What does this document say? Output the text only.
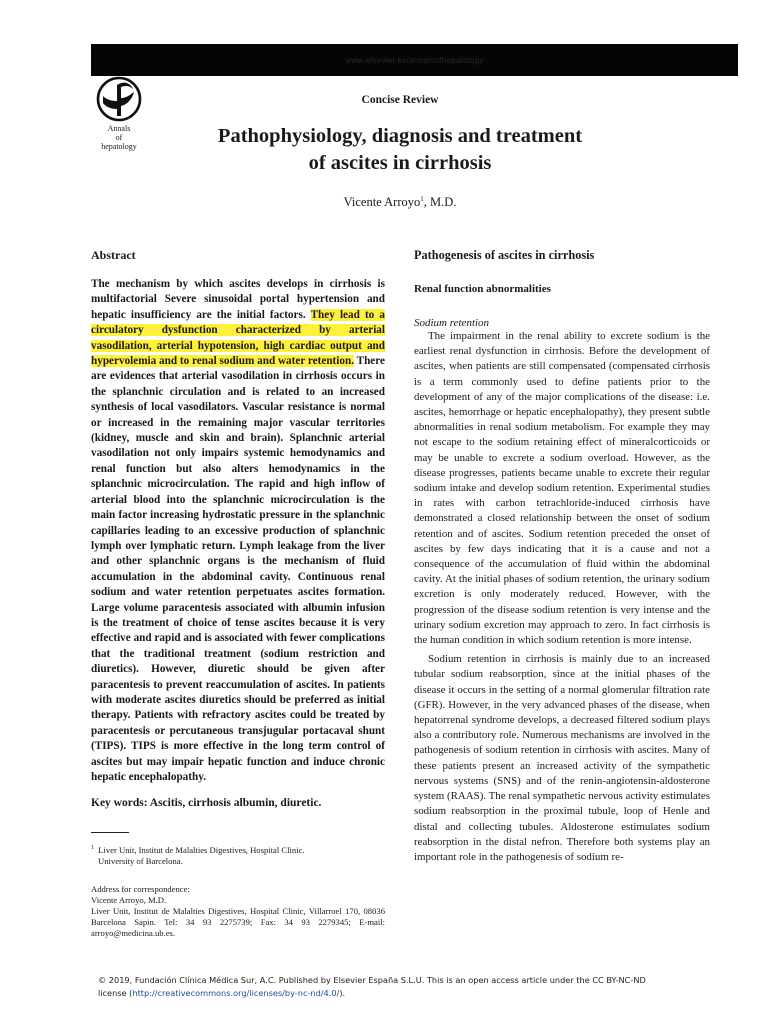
www.elsevier.es/annalsofhepatology
Annals
of
hepatology
Concise Review
Pathophysiology, diagnosis and treatment
of ascites in cirrhosis
Vicente Arroyo$^1$, M.D.
Abstract

The mechanism by which ascites develops in cirrhosis is multifactorial Severe sinusoidal portal hypertension and hepatic insufficiency are the initial factors. They lead to a circulatory dysfunction characterized by arterial vasodilation, arterial hypotension, high cardiac output and hypervolemia and to renal sodium and water retention. There are evidences that arterial vasodilation in cirrhosis occurs in the splanchnic circulation and is related to an increased synthesis of local vasodilators. Vascular resistance is normal or increased in the remaining major vascular territories (kidney, muscle and skin and brain). Splanchnic arterial vasodilation not only impairs systemic hemodynamics and renal function but also alters hemodynamics in the splanchnic microcirculation. The rapid and high inflow of arterial blood into the splanchnic microcirculation is the main factor increasing hydrostatic pressure in the splanchnic capillaries leading to an excessive production of splanchnic lymph over lymphatic return. Lymph leakage from the liver and other splanchnic organs is the mechanism of fluid accumulation in the abdominal cavity. Continuous renal sodium and water retention perpetuates ascites formation. Large volume paracentesis associated with albumin infusion is the treatment of choice of tense ascites because it is very effective and rapid and is associated with fewer complications that the traditional treatment (sodium restriction and diuretics). However, diuretic should be given after paracentesis to prevent reaccumulation of ascites. In patients with moderate ascites diuretics should be preferred as initial therapy. Patients with refractory ascites could be treated by paracentesis or percutaneous transjugular portacaval shunt (TIPS). TIPS is more effective in the long term control of ascites but may impair hepatic function and induce chronic hepatic encephalopathy.

Key words: Ascitis, cirrhosis albumin, diuretic.

$^1$ Liver Unit, Institut de Malalties Digestives, Hospital Clinic.

University of Barcelona.

Address for correspondence:
Vicente Arroyo, M.D.
Liver Unit, Institut de Malalties Digestives, Hospital Clinic, Villarroel 170, 08036 Barcelona Sapin. Tel: 34 93 2275739; Fax: 34 93 2279345; E-mail: arroyo@medicina.ub.es.
Pathogenesis of ascites in cirrhosis
Renal function abnormalities
Sodium retention

The impairment in the renal ability to excrete sodium is the earliest renal dysfunction in cirrhosis. Before the development of ascites, when patients are still compensated (compensated cirrhosis is a term commonly used to define patients prior to the development of any of the major complications of the disease: i.e. ascites, hemorrhage or hepatic encephalopathy), they present subtle abnormalities in renal sodium metabolism. For example they may not escape to the sodium retaining effect of mineralcorticoids or may be unable to excrete a sodium overload. However, as the disease progresses, patients became unable to excrete their regular sodium intake and develop sodium retention. Experimental studies in rates with carbon tetrachloride-induced cirrhosis have demonstrated a closed relationship between the onset of sodium retention and of ascites. Sodium retention preceded the onset of ascites by few days indicating that it is a cause and not a consequence of the accumulation of fluid within the abdominal cavity. At the initial phases of sodium retention, the urinary sodium excretion is only moderately reduced. However, with the progression of the disease sodium retention is very intense and the urinary sodium excretion may approach to zero. In fact cirrhosis is the human condition in which sodium retention is more intense.

Sodium retention in cirrhosis is mainly due to an increased tubular sodium reabsorption, since at the initial phases of the disease it occurs in the setting of a normal glomerular filtration rate (GFR). However, in the very advanced phases of the disease, when hepatorrenal syndrome develops, a decreased filtered sodium plays also a contributory role. Numerous mechanisms are involved in the pathogenesis of sodium retention in cirrhosis with ascites. Many of these patients present an increased activity of the sympathetic nervous systems (SNS) and of the renin-angiotensin-aldosterone system (RAAS). The renal sympathetic nervous activity estimulates sodium reabsorption in the proximal tubule, loop of Henle and distal and collecting tubules. Aldosterone estimulates sodium reabsorption in the distal nefron. Therefore both systems play an important role in the pathogenesis of sodium re-

© 2019, Fundación Clínica Médica Sur, A.C. Published by Elsevier España S.L.U. This is an open access article under the CC BY-NC-ND
license (http://creativecommons.org/licenses/by-nc-nd/4.0/).
